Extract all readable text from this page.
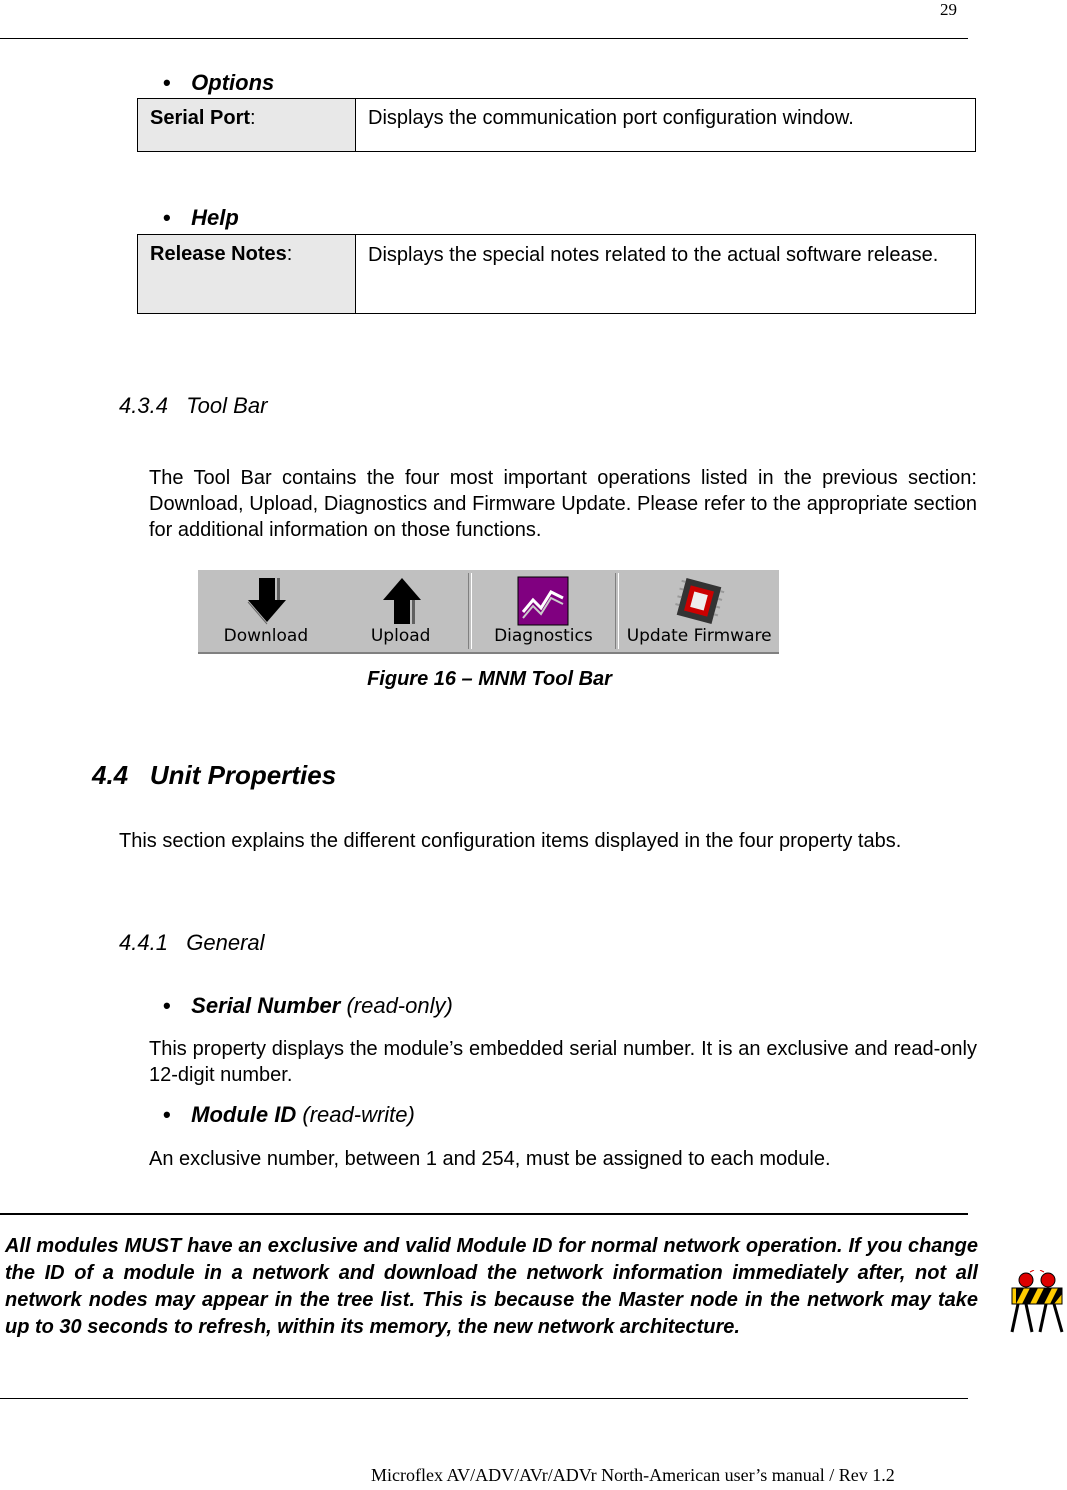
29
• Options
Serial Port:	Displays the communication port configuration window.
• Help
Release Notes:	Displays the special notes related to the actual software release.
4.3.4   Tool Bar
The Tool Bar contains the four most important operations listed in the previous section: Download, Upload, Diagnostics and Firmware Update. Please refer to the appropriate section for additional information on those functions.
Download	Upload	Diagnostics	Update Firmware
Figure 16 – MNM Tool Bar
4.4   Unit Properties
This section explains the different configuration items displayed in the four property tabs.
4.4.1   General
• Serial Number (read-only)
This property displays the module’s embedded serial number. It is an exclusive and read-only 12-digit number.
• Module ID (read-write)
An exclusive number, between 1 and 254, must be assigned to each module.
All modules MUST have an exclusive and valid Module ID for normal network operation. If you change the ID of a module in a network and download the network information immediately after, not all network nodes may appear in the tree list. This is because the Master node in the network may take up to 30 seconds to refresh, within its memory, the new network architecture.
Microflex AV/ADV/AVr/ADVr North-American user’s manual / Rev 1.2
